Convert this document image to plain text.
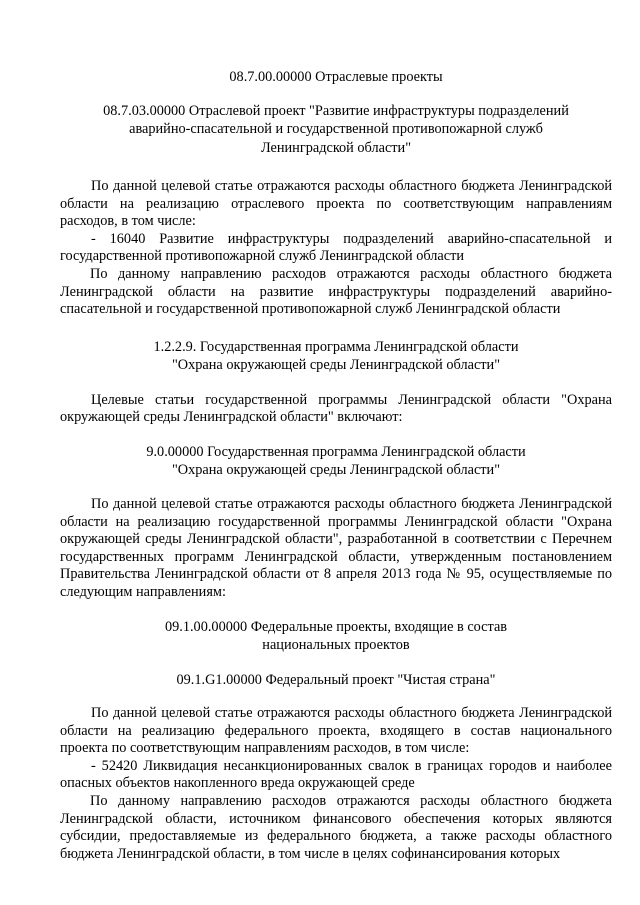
08.7.00.00000 Отраслевые проекты
08.7.03.00000 Отраслевой проект "Развитие инфраструктуры подразделений аварийно-спасательной и государственной противопожарной служб Ленинградской области"
По данной целевой статье отражаются расходы областного бюджета Ленинградской области на реализацию отраслевого проекта по соответствующим направлениям расходов, в том числе:
- 16040 Развитие инфраструктуры подразделений аварийно-спасательной и государственной противопожарной служб Ленинградской области
По данному направлению расходов отражаются расходы областного бюджета Ленинградской области на развитие инфраструктуры подразделений аварийно-спасательной и государственной противопожарной служб Ленинградской области
1.2.2.9. Государственная программа Ленинградской области
"Охрана окружающей среды Ленинградской области"
Целевые статьи государственной программы Ленинградской области "Охрана окружающей среды Ленинградской области" включают:
9.0.00000 Государственная программа Ленинградской области
"Охрана окружающей среды Ленинградской области"
По данной целевой статье отражаются расходы областного бюджета Ленинградской области на реализацию государственной программы Ленинградской области "Охрана окружающей среды Ленинградской области", разработанной в соответствии с Перечнем государственных программ Ленинградской области, утвержденным постановлением Правительства Ленинградской области от 8 апреля 2013 года № 95, осуществляемые по следующим направлениям:
09.1.00.00000 Федеральные проекты, входящие в состав
национальных проектов
09.1.G1.00000 Федеральный проект "Чистая страна"
По данной целевой статье отражаются расходы областного бюджета Ленинградской области на реализацию федерального проекта, входящего в состав национального проекта по соответствующим направлениям расходов, в том числе:
- 52420 Ликвидация несанкционированных свалок в границах городов и наиболее опасных объектов накопленного вреда окружающей среде
По данному направлению расходов отражаются расходы областного бюджета Ленинградской области, источником финансового обеспечения которых являются субсидии, предоставляемые из федерального бюджета, а также расходы областного бюджета Ленинградской области, в том числе в целях софинансирования которых
